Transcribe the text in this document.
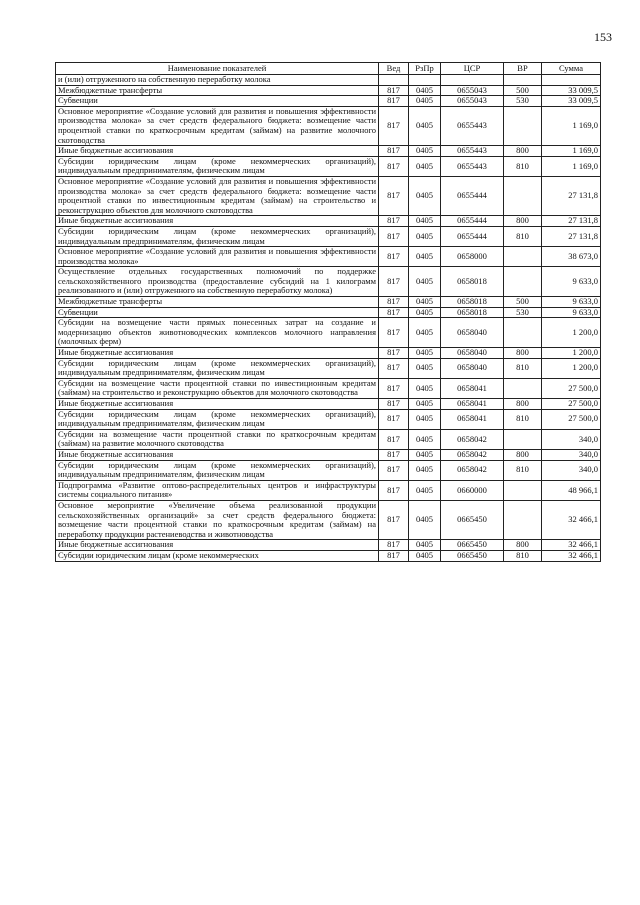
153
Наименование показателей	Вед	РзПр	ЦСР	ВР	Сумма
и (или) отгруженного на собственную переработку молока					
Межбюджетные трансферты	817	0405	0655043	500	33 009,5
Субвенции	817	0405	0655043	530	33 009,5
Основное мероприятие «Создание условий для развития и повышения эффективности производства молока» за счет средств федерального бюджета: возмещение части процентной ставки по краткосрочным кредитам (займам) на развитие молочного скотоводства	817	0405	0655443		1 169,0
Иные бюджетные ассигнования	817	0405	0655443	800	1 169,0
Субсидии юридическим лицам (кроме некоммерческих организаций), индивидуальным предпринимателям, физическим лицам	817	0405	0655443	810	1 169,0
Основное мероприятие «Создание условий для развития и повышения эффективности производства молока» за счет средств федерального бюджета: возмещение части процентной ставки по инвестиционным кредитам (займам) на строительство и реконструкцию объектов для молочного скотоводства	817	0405	0655444		27 131,8
Иные бюджетные ассигнования	817	0405	0655444	800	27 131,8
Субсидии юридическим лицам (кроме некоммерческих организаций), индивидуальным предпринимателям, физическим лицам	817	0405	0655444	810	27 131,8
Основное мероприятие «Создание условий для развития и повышения эффективности производства молока»	817	0405	0658000		38 673,0
Осуществление отдельных государственных полномочий по поддержке сельскохозяйственного производства (предоставление субсидий на 1 килограмм реализованного и (или) отгруженного на собственную переработку молока)	817	0405	0658018		9 633,0
Межбюджетные трансферты	817	0405	0658018	500	9 633,0
Субвенции	817	0405	0658018	530	9 633,0
Субсидии на возмещение части прямых понесенных затрат на создание и модернизацию объектов животноводческих комплексов молочного направления (молочных ферм)	817	0405	0658040		1 200,0
Иные бюджетные ассигнования	817	0405	0658040	800	1 200,0
Субсидии юридическим лицам (кроме некоммерческих организаций), индивидуальным предпринимателям, физическим лицам	817	0405	0658040	810	1 200,0
Субсидии на возмещение части процентной ставки по инвестиционным кредитам (займам) на строительство и реконструкцию объектов для молочного скотоводства	817	0405	0658041		27 500,0
Иные бюджетные ассигнования	817	0405	0658041	800	27 500,0
Субсидии юридическим лицам (кроме некоммерческих организаций), индивидуальным предпринимателям, физическим лицам	817	0405	0658041	810	27 500,0
Субсидии на возмещение части процентной ставки по краткосрочным кредитам (займам) на развитие молочного скотоводства	817	0405	0658042		340,0
Иные бюджетные ассигнования	817	0405	0658042	800	340,0
Субсидии юридическим лицам (кроме некоммерческих организаций), индивидуальным предпринимателям, физическим лицам	817	0405	0658042	810	340,0
Подпрограмма «Развитие оптово-распределительных центров и инфраструктуры системы социального питания»	817	0405	0660000		48 966,1
Основное мероприятие «Увеличение объема реализованной продукции сельскохозяйственных организаций» за счет средств федерального бюджета: возмещение части процентной ставки по краткосрочным кредитам (займам) на переработку продукции растениеводства и животноводства	817	0405	0665450		32 466,1
Иные бюджетные ассигнования	817	0405	0665450	800	32 466,1
Субсидии юридическим лицам (кроме некоммерческих	817	0405	0665450	810	32 466,1
